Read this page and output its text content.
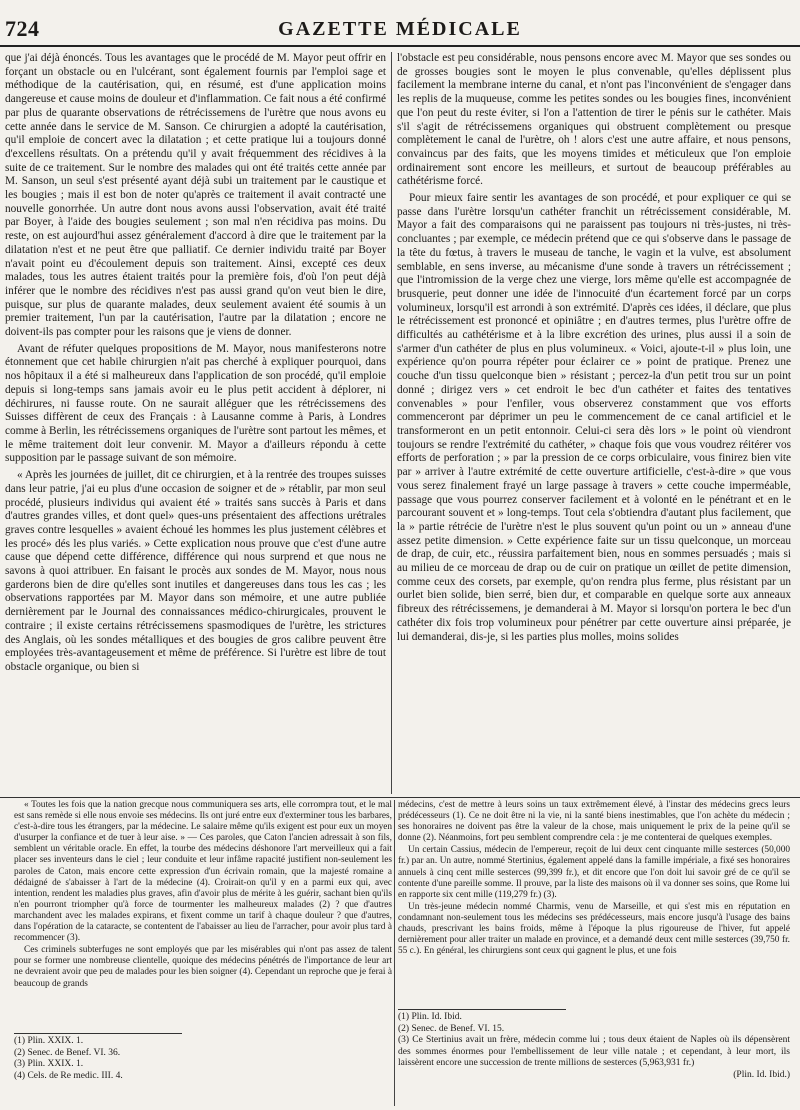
724	GAZETTE MÉDICALE

que j'ai déjà énoncés. Tous les avantages que le procédé de M. Mayor peut offrir en forçant un obstacle ou en l'ulcérant, sont également fournis par l'emploi sage et méthodique de la cautérisation, qui, en résumé, est d'une application moins dangereuse et cause moins de douleur et d'inflammation. Ce fait nous a été confirmé par plus de quarante observations de rétrécissemens de l'urètre que nous avons eu cette année dans le service de M. Sanson. Ce chirurgien a adopté la cautérisation, qu'il emploie de concert avec la dilatation ; et cette pratique lui a toujours donné d'excellens résultats. On a prétendu qu'il y avait fréquemment des récidives à la suite de ce traitement. Sur le nombre des malades qui ont été traités cette année par M. Sanson, un seul s'est présenté ayant déjà subi un traitement par le caustique et les bougies ; mais il est bon de noter qu'après ce traitement il avait contracté une nouvelle gonorrhée. Un autre dont nous avons aussi l'observation, avait été traité par Boyer, à l'aide des bougies seulement ; son mal n'en récidiva pas moins. Du reste, on est aujourd'hui assez généralement d'accord à dire que le traitement par la dilatation n'est et ne peut être que palliatif. Ce dernier individu traité par Boyer n'avait point eu d'écoulement depuis son traitement. Ainsi, excepté ces deux malades, tous les autres étaient traités pour la première fois, d'où l'on peut déjà inférer que le nombre des récidives n'est pas aussi grand qu'on veut bien le dire, puisque, sur plus de quarante malades, deux seulement avaient été soumis à un premier traitement, l'un par la cautérisation, l'autre par la dilatation ; encore ne doivent-ils pas compter pour les raisons que je viens de donner.

Avant de réfuter quelques propositions de M. Mayor, nous manifesterons notre étonnement que cet habile chirurgien n'ait pas cherché à expliquer pourquoi, dans nos hôpitaux il a été si malheureux dans l'application de son procédé, qu'il emploie depuis si long-temps sans jamais avoir eu le plus petit accident à déplorer, ni déchirures, ni fausse route. On ne saurait alléguer que les rétrécissemens des Suisses diffèrent de ceux des Français : à Lausanne comme à Paris, à Londres comme à Berlin, les rétrécissemens organiques de l'urètre sont partout les mêmes, et le même traitement doit leur convenir. M. Mayor a d'ailleurs répondu à cette supposition par le passage suivant de son mémoire.

« Après les journées de juillet, dit ce chirurgien, et à la rentrée des troupes suisses dans leur patrie, j'ai eu plus d'une occasion de soigner et de » rétablir, par mon seul procédé, plusieurs individus qui avaient été » traités sans succès à Paris et dans d'autres grandes villes, et dont quel» ques-uns présentaient des affections urétrales graves contre lesquelles » avaient échoué les hommes les plus justement célèbres et les procé» dés les plus variés. » Cette explication nous prouve que c'est d'une autre cause que dépend cette différence, différence qui nous surprend et que nous ne savons à quoi attribuer. En faisant le procès aux sondes de M. Mayor, nous nous garderons bien de dire qu'elles sont inutiles et dangereuses dans tous les cas ; les observations rapportées par M. Mayor dans son mémoire, et une autre publiée dernièrement par le Journal des connaissances médico-chirurgicales, prouvent le contraire ; il existe certains rétrécissemens spasmodiques de l'urètre, les strictures des Anglais, où les sondes métalliques et des bougies de gros calibre peuvent être employées très-avantageusement et même de préférence. Si l'urètre est libre de tout obstacle organique, ou bien si

l'obstacle est peu considérable, nous pensons encore avec M. Mayor que ses sondes ou de grosses bougies sont le moyen le plus convenable, qu'elles déplissent plus facilement la membrane interne du canal, et n'ont pas l'inconvénient de s'engager dans les replis de la muqueuse, comme les petites sondes ou les bougies fines, inconvénient que l'on peut du reste éviter, si l'on a l'attention de tirer le pénis sur le cathéter. Mais s'il s'agit de rétrécissemens organiques qui obstruent complètement ou presque complètement le canal de l'urètre, oh ! alors c'est une autre affaire, et nous pensons, convaincus par des faits, que les moyens timides et méticuleux que l'on emploie ordinairement sont encore les meilleurs, et surtout de beaucoup préférables au cathétérisme forcé.

Pour mieux faire sentir les avantages de son procédé, et pour expliquer ce qui se passe dans l'urètre lorsqu'un cathéter franchit un rétrécissement considérable, M. Mayor a fait des comparaisons qui ne paraissent pas toujours ni très-justes, ni très-concluantes ; par exemple, ce médecin prétend que ce qui s'observe dans le passage de la tête du fœtus, à travers le museau de tanche, le vagin et la vulve, est absolument semblable, en sens inverse, au mécanisme d'une sonde à travers un rétrécissement ; que l'intromission de la verge chez une vierge, lors même qu'elle est accompagnée de brusquerie, peut donner une idée de l'innocuité d'un écartement forcé par un corps volumineux, lorsqu'il est arrondi à son extrémité. D'après ces idées, il déclare, que plus le rétrécissement est prononcé et opiniâtre ; en d'autres termes, plus l'urètre offre de difficultés au cathétérisme et à la libre excrétion des urines, plus aussi il a soin de s'armer d'un cathéter de plus en plus volumineux. « Voici, ajoute-t-il » plus loin, une expérience qu'on pourra répéter pour éclairer ce » point de pratique. Prenez une couche d'un tissu quelconque bien » résistant ; percez-la d'un petit trou sur un point donné ; dirigez vers » cet endroit le bec d'un cathéter et faites des tentatives convenables » pour l'enfiler, vous observerez constamment que vos efforts commenceront par déprimer un peu le commencement de ce canal artificiel et le transformeront en un petit entonnoir. Celui-ci sera dès lors » le point où viendront toujours se rendre l'extrémité du cathéter, » chaque fois que vous voudrez réitérer vos efforts de perforation ; » par la pression de ce corps orbiculaire, vous finirez bien vite par » arriver à l'autre extrémité de cette ouverture artificielle, c'est-à-dire » que vous vous serez finalement frayé un large passage à travers » cette couche imperméable, passage que vous pourrez conserver facilement et à volonté en le pénétrant et en le parcourant souvent et » long-temps. Tout cela s'obtiendra d'autant plus facilement, que la » partie rétrécie de l'urètre n'est le plus souvent qu'un point ou un » anneau d'une assez petite dimension. » Cette expérience faite sur un tissu quelconque, un morceau de drap, de cuir, etc., réussira parfaitement bien, nous en sommes persuadés ; mais si au milieu de ce morceau de drap ou de cuir on pratique un œillet de petite dimension, comme ceux des corsets, par exemple, qu'on rendra plus ferme, plus résistant par un ourlet bien solide, bien serré, bien dur, et comparable en quelque sorte aux anneaux fibreux des rétrécissemens, je demanderai à M. Mayor si lorsqu'on portera le bec d'un cathéter dix fois trop volumineux pour pénétrer par cette ouverture ainsi préparée, je lui demanderai, dis-je, si les parties plus molles, moins solides

« Toutes les fois que la nation grecque nous communiquera ses arts, elle corrompra tout, et le mal est sans remède si elle nous envoie ses médecins. Ils ont juré entre eux d'exterminer tous les barbares, c'est-à-dire tous les étrangers, par la médecine. Le salaire même qu'ils exigent est pour eux un moyen d'usurper la confiance et de tuer à leur aise. » — Ces paroles, que Caton l'ancien adressait à son fils, semblent un véritable oracle. En effet, la tourbe des médecins déshonore l'art merveilleux qui a fait placer ses inventeurs dans le ciel ; leur conduite et leur infâme rapacité justifient non-seulement les paroles de Caton, mais encore cette expression d'un écrivain romain, que la majesté romaine a dédaigné de s'abaisser à l'art de la médecine (4). Croirait-on qu'il y en a parmi eux qui, avec intention, rendent les maladies plus graves, afin d'avoir plus de mérite à les guérir, sachant bien qu'ils n'en pourront triompher qu'à force de tourmenter les malheureux malades (2) ? que d'autres marchandent avec les malades expirans, et fixent comme un tarif à chaque douleur ? que d'autres, dans l'opération de la cataracte, se contentent de l'abaisser au lieu de l'arracher, pour avoir plus tard à recommencer (3).

Ces criminels subterfuges ne sont employés que par les misérables qui n'ont pas assez de talent pour se former une nombreuse clientelle, quoique des médecins pénétrés de l'importance de leur art ne devraient avoir que peu de malades pour les bien soigner (4). Cependant un reproche que je ferai à beaucoup de grands

médecins, c'est de mettre à leurs soins un taux extrêmement élevé, à l'instar des médecins grecs leurs prédécesseurs (1). Ce ne doit être ni la vie, ni la santé biens inestimables, que l'on achète du médecin ; ses honoraires ne doivent pas être la valeur de la chose, mais uniquement le prix de la peine qu'il se donne (2). Néanmoins, fort peu semblent comprendre cela : je me contenterai de quelques exemples.

Un certain Cassius, médecin de l'empereur, reçoit de lui deux cent cinquante mille sesterces (50,000 fr.) par an. Un autre, nommé Stertinius, également appelé dans la famille impériale, a fixé ses honoraires annuels à cinq cent mille sesterces (99,399 fr.), et dit encore que l'on doit lui savoir gré de ce qu'il se contente d'une pareille somme. Il prouve, par la liste des maisons où il va donner ses soins, que Rome lui en rapporte six cent mille (119,279 fr.) (3).

Un très-jeune médecin nommé Charmis, venu de Marseille, et qui s'est mis en réputation en condamnant non-seulement tous les médecins ses prédécesseurs, mais encore jusqu'à l'usage des bains chauds, prescrivant les bains froids, même à l'époque la plus rigoureuse de l'hiver, fut appelé dernièrement pour aller traiter un malade en province, et a demandé deux cent mille sesterces (39,750 fr. 55 c.). En général, les chirurgiens sont ceux qui gagnent le plus, et une fois

(1) Plin. XXIX. 1.
(2) Senec. de Benef. VI. 36.
(3) Plin. XXIX. 1.
(4) Cels. de Re medic. III. 4.
(1) Plin. Id. Ibid.
(2) Senec. de Benef. VI. 15.
(3) Ce Stertinius avait un frère, médecin comme lui ; tous deux étaient de Naples où ils dépensèrent des sommes énormes pour l'embellissement de leur ville natale ; et cependant, à leur mort, ils laissèrent encore une succession de trente millions de sesterces (5,963,931 fr.)
(Plin. Id. Ibid.)
